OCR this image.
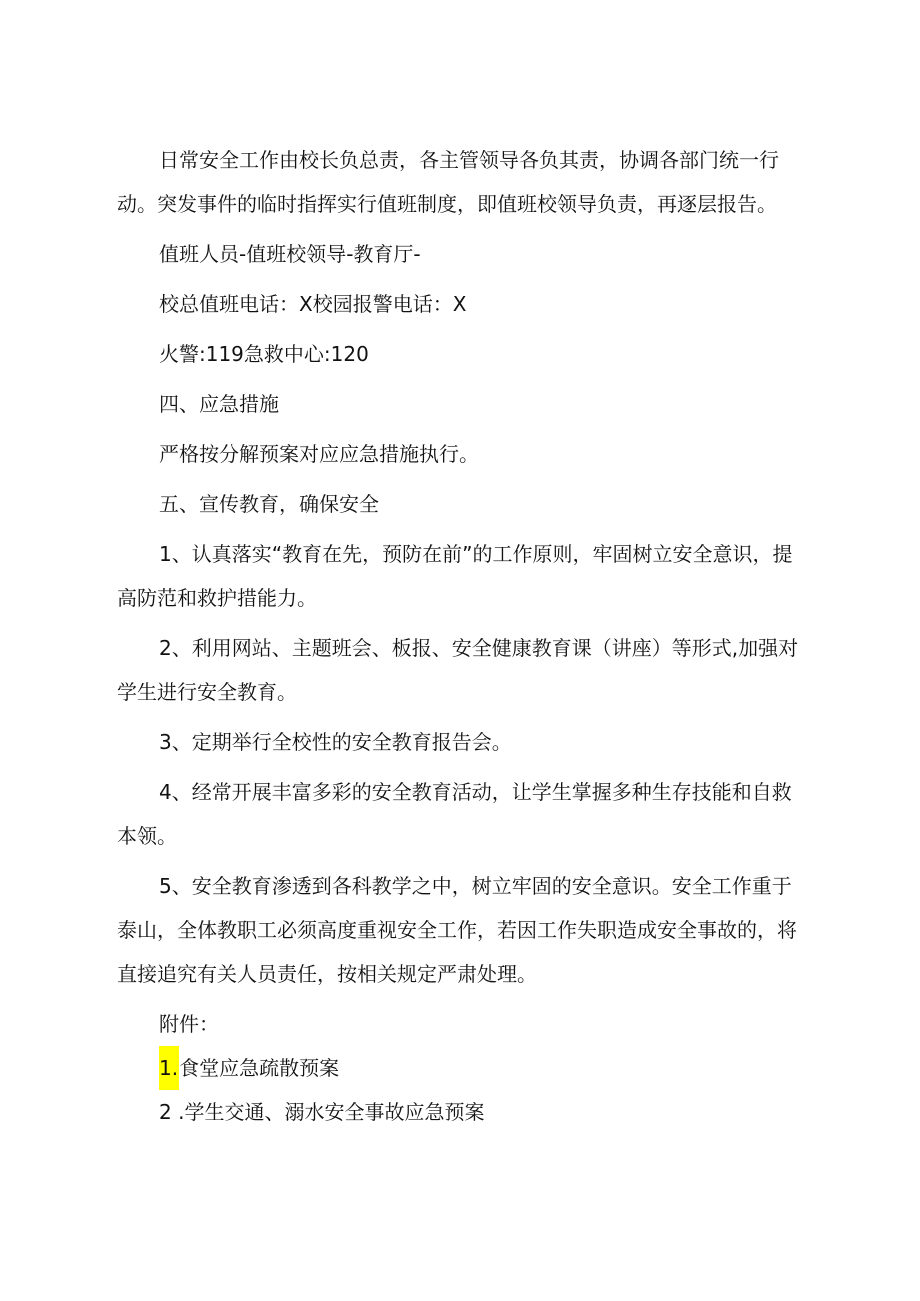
日常安全工作由校长负总责，各主管领导各负其责，协调各部门统一行动。突发事件的临时指挥实行值班制度，即值班校领导负责，再逐层报告。

值班人员-值班校领导-教育厅-

校总值班电话：X校园报警电话：X

火警:119急救中心:120

四、应急措施

严格按分解预案对应应急措施执行。

五、宣传教育，确保安全

1、认真落实“教育在先，预防在前”的工作原则，牢固树立安全意识，提高防范和救护措能力。

2、利用网站、主题班会、板报、安全健康教育课（讲座）等形式,加强对学生进行安全教育。

3、定期举行全校性的安全教育报告会。

4、经常开展丰富多彩的安全教育活动，让学生掌握多种生存技能和自救本领。

5、安全教育渗透到各科教学之中，树立牢固的安全意识。安全工作重于泰山，全体教职工必须高度重视安全工作，若因工作失职造成安全事故的，将直接追究有关人员责任，按相关规定严肃处理。

附件：

1.食堂应急疏散预案

2 .学生交通、溺水安全事故应急预案
